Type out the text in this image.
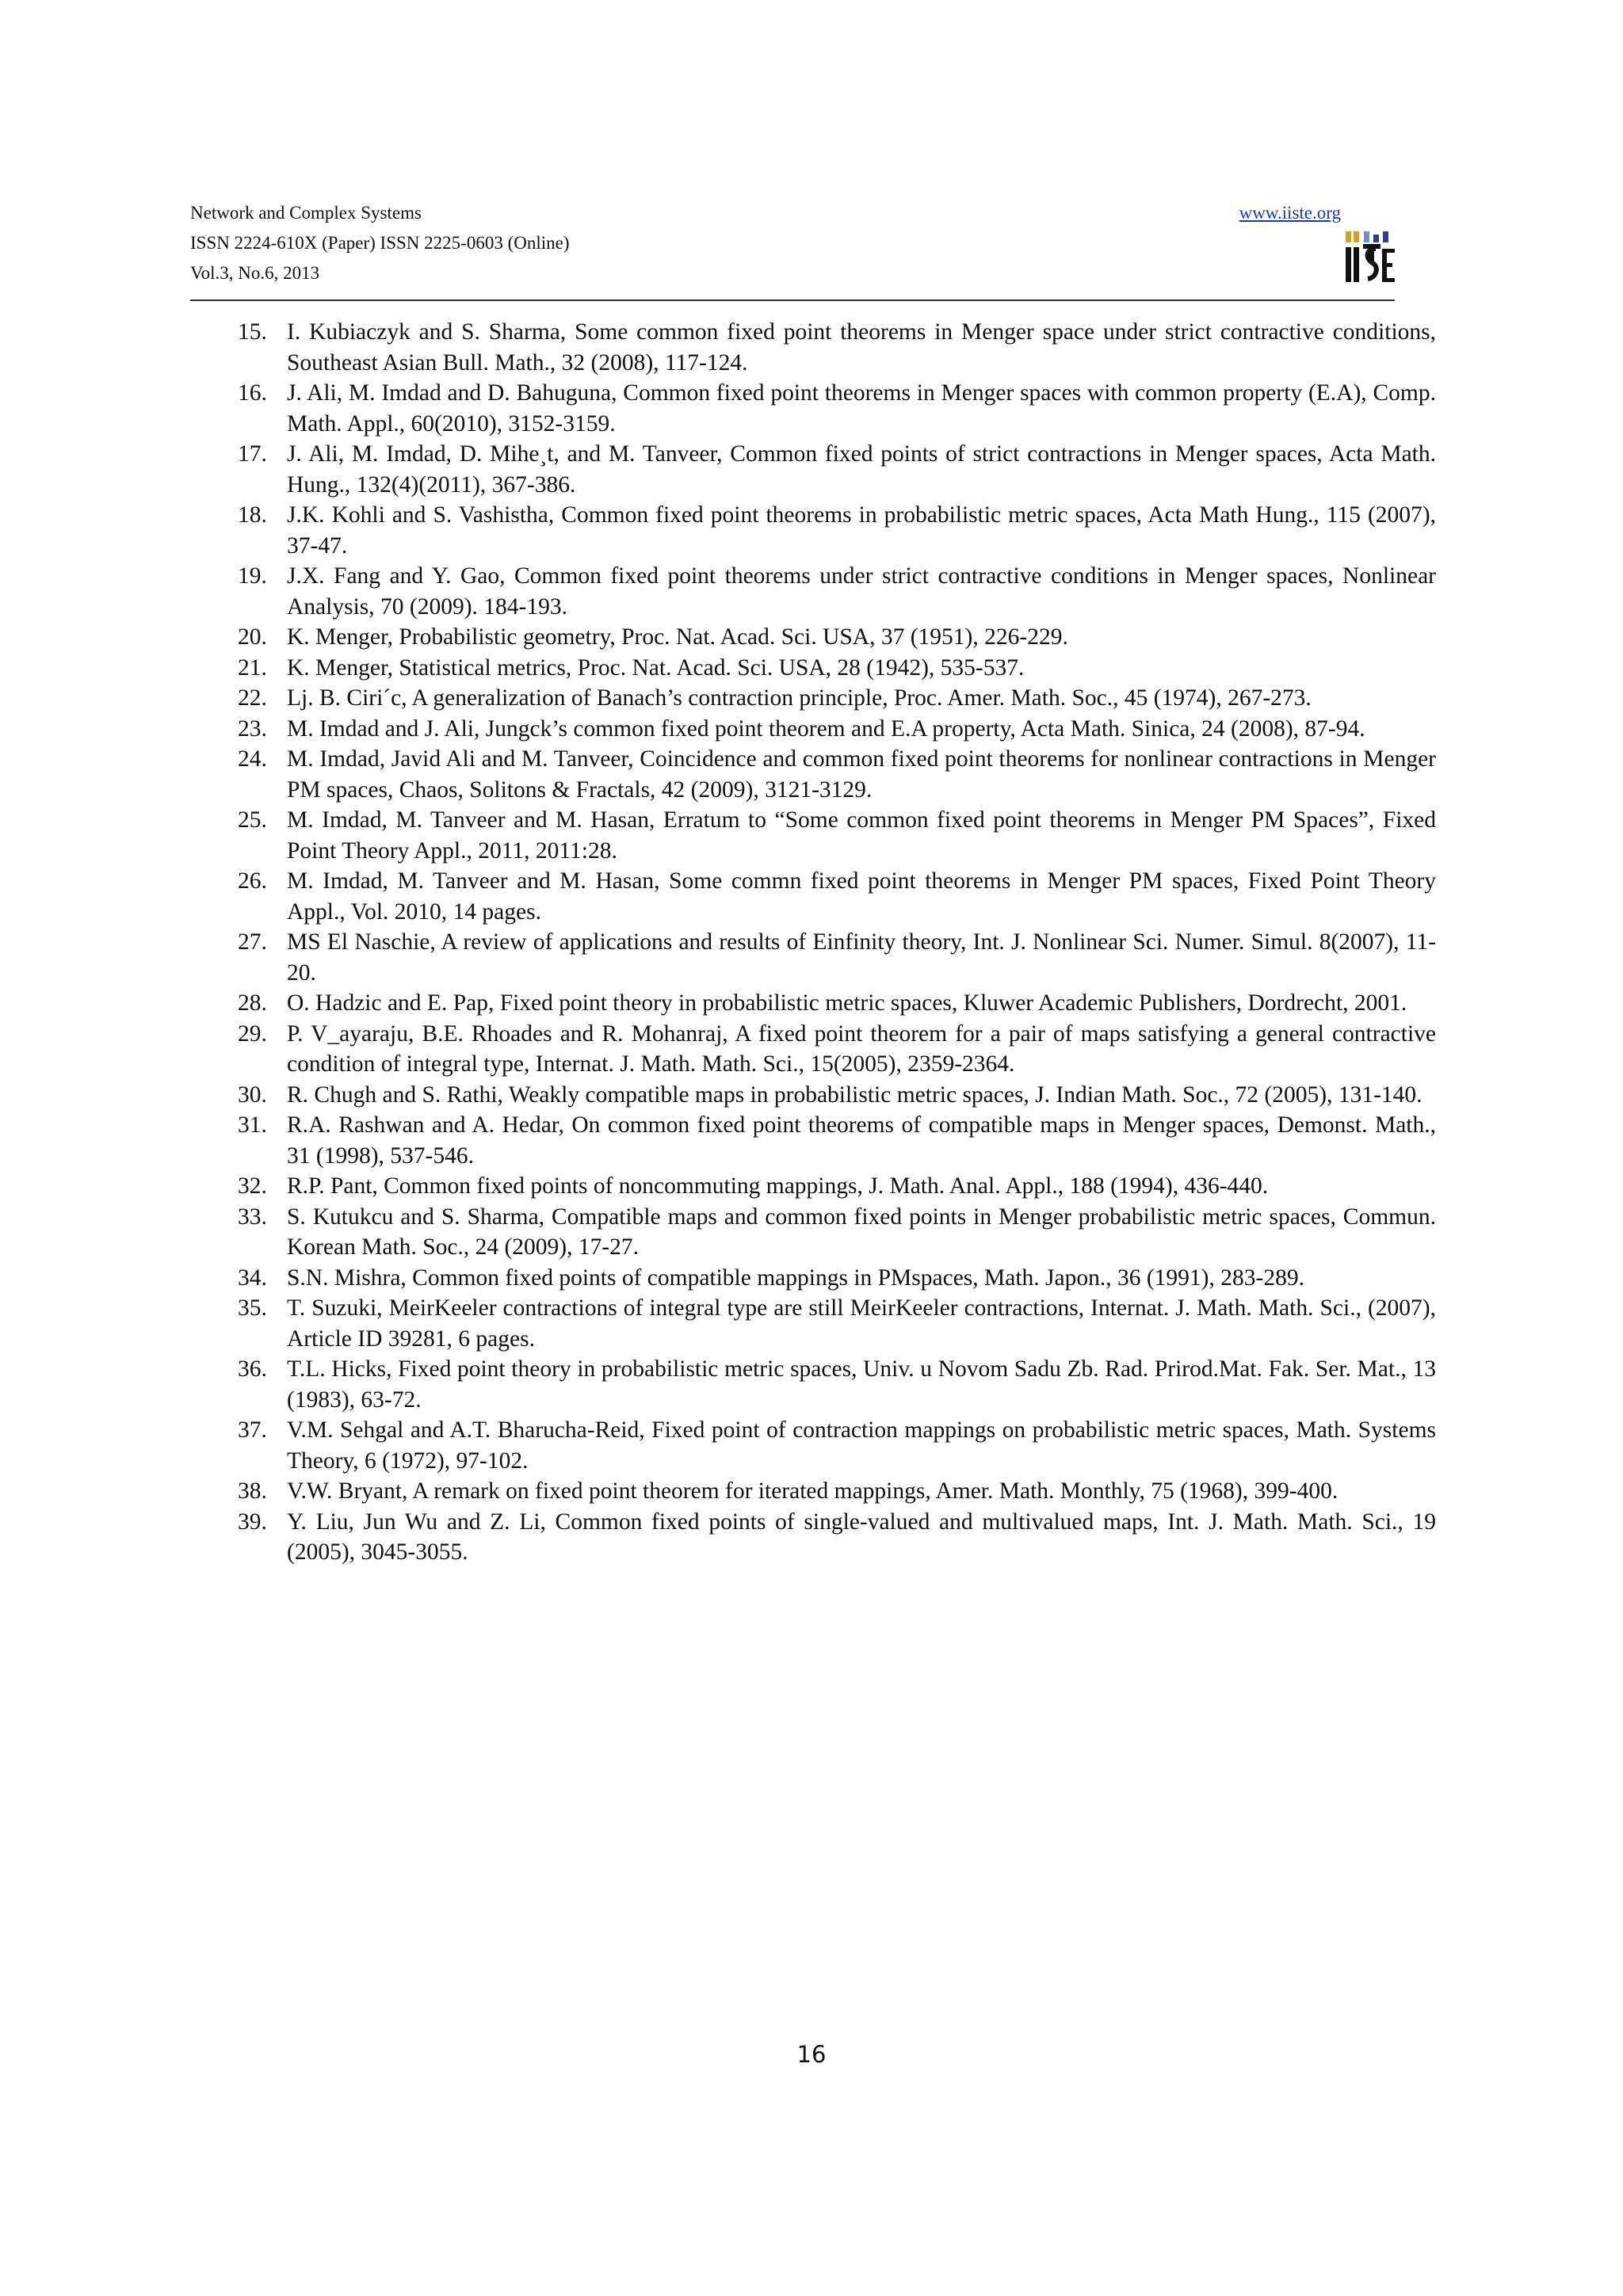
Network and Complex Systems
ISSN 2224-610X (Paper) ISSN 2225-0603 (Online)
Vol.3, No.6, 2013
www.iiste.org
15. I. Kubiaczyk and S. Sharma, Some common fixed point theorems in Menger space under strict contractive conditions, Southeast Asian Bull. Math., 32 (2008), 117-124.
16. J. Ali, M. Imdad and D. Bahuguna, Common fixed point theorems in Menger spaces with common property (E.A), Comp. Math. Appl., 60(2010), 3152-3159.
17. J. Ali, M. Imdad, D. Mihe¸t, and M. Tanveer, Common fixed points of strict contractions in Menger spaces, Acta Math. Hung., 132(4)(2011), 367-386.
18. J.K. Kohli and S. Vashistha, Common fixed point theorems in probabilistic metric spaces, Acta Math Hung., 115 (2007), 37-47.
19. J.X. Fang and Y. Gao, Common fixed point theorems under strict contractive conditions in Menger spaces, Nonlinear Analysis, 70 (2009). 184-193.
20. K. Menger, Probabilistic geometry, Proc. Nat. Acad. Sci. USA, 37 (1951), 226-229.
21. K. Menger, Statistical metrics, Proc. Nat. Acad. Sci. USA, 28 (1942), 535-537.
22. Lj. B. Ciri´c, A generalization of Banach’s contraction principle, Proc. Amer. Math. Soc., 45 (1974), 267-273.
23. M. Imdad and J. Ali, Jungck’s common fixed point theorem and E.A property, Acta Math. Sinica, 24 (2008), 87-94.
24. M. Imdad, Javid Ali and M. Tanveer, Coincidence and common fixed point theorems for nonlinear contractions in Menger PM spaces, Chaos, Solitons & Fractals, 42 (2009), 3121-3129.
25. M. Imdad, M. Tanveer and M. Hasan, Erratum to “Some common fixed point theorems in Menger PM Spaces”, Fixed Point Theory Appl., 2011, 2011:28.
26. M. Imdad, M. Tanveer and M. Hasan, Some commn fixed point theorems in Menger PM spaces, Fixed Point Theory Appl., Vol. 2010, 14 pages.
27. MS El Naschie, A review of applications and results of Einfinity theory, Int. J. Nonlinear Sci. Numer. Simul. 8(2007), 11-20.
28. O. Hadzic and E. Pap, Fixed point theory in probabilistic metric spaces, Kluwer Academic Publishers, Dordrecht, 2001.
29. P. V_ayaraju, B.E. Rhoades and R. Mohanraj, A fixed point theorem for a pair of maps satisfying a general contractive condition of integral type, Internat. J. Math. Math. Sci., 15(2005), 2359-2364.
30. R. Chugh and S. Rathi, Weakly compatible maps in probabilistic metric spaces, J. Indian Math. Soc., 72 (2005), 131-140.
31. R.A. Rashwan and A. Hedar, On common fixed point theorems of compatible maps in Menger spaces, Demonst. Math., 31 (1998), 537-546.
32. R.P. Pant, Common fixed points of noncommuting mappings, J. Math. Anal. Appl., 188 (1994), 436-440.
33. S. Kutukcu and S. Sharma, Compatible maps and common fixed points in Menger probabilistic metric spaces, Commun. Korean Math. Soc., 24 (2009), 17-27.
34. S.N. Mishra, Common fixed points of compatible mappings in PMspaces, Math. Japon., 36 (1991), 283-289.
35. T. Suzuki, MeirKeeler contractions of integral type are still MeirKeeler contractions, Internat. J. Math. Math. Sci., (2007), Article ID 39281, 6 pages.
36. T.L. Hicks, Fixed point theory in probabilistic metric spaces, Univ. u Novom Sadu Zb. Rad. Prirod.Mat. Fak. Ser. Mat., 13 (1983), 63-72.
37. V.M. Sehgal and A.T. Bharucha-Reid, Fixed point of contraction mappings on probabilistic metric spaces, Math. Systems Theory, 6 (1972), 97-102.
38. V.W. Bryant, A remark on fixed point theorem for iterated mappings, Amer. Math. Monthly, 75 (1968), 399-400.
39. Y. Liu, Jun Wu and Z. Li, Common fixed points of single-valued and multivalued maps, Int. J. Math. Math. Sci., 19 (2005), 3045-3055.
16
